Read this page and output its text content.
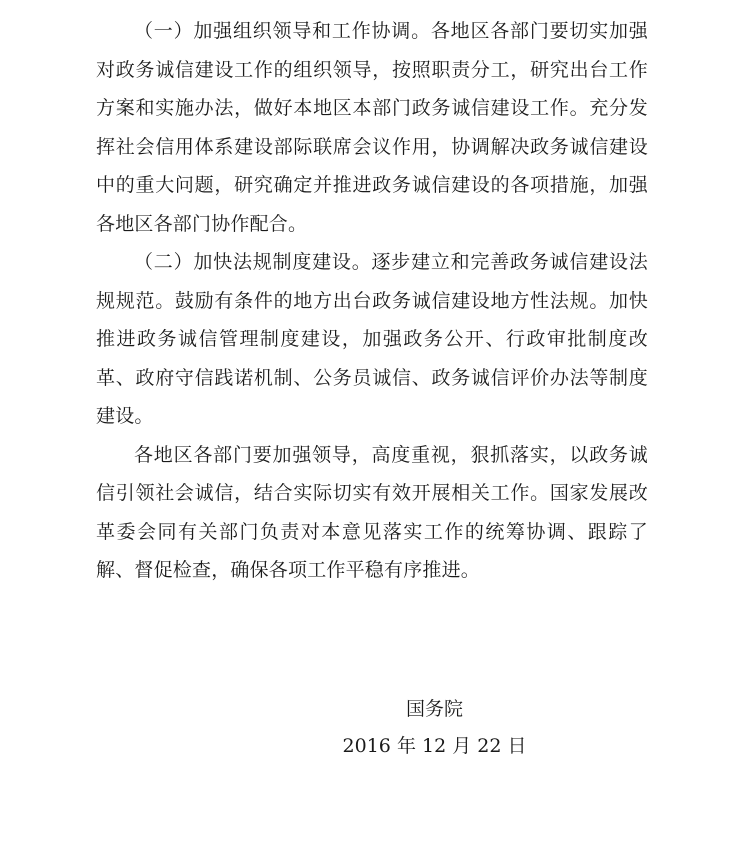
（一）加强组织领导和工作协调。各地区各部门要切实加强对政务诚信建设工作的组织领导，按照职责分工，研究出台工作方案和实施办法，做好本地区本部门政务诚信建设工作。充分发挥社会信用体系建设部际联席会议作用，协调解决政务诚信建设中的重大问题，研究确定并推进政务诚信建设的各项措施，加强各地区各部门协作配合。

（二）加快法规制度建设。逐步建立和完善政务诚信建设法规规范。鼓励有条件的地方出台政务诚信建设地方性法规。加快推进政务诚信管理制度建设，加强政务公开、行政审批制度改革、政府守信践诺机制、公务员诚信、政务诚信评价办法等制度建设。

各地区各部门要加强领导，高度重视，狠抓落实，以政务诚信引领社会诚信，结合实际切实有效开展相关工作。国家发展改革委会同有关部门负责对本意见落实工作的统筹协调、跟踪了解、督促检查，确保各项工作平稳有序推进。

国务院
2016 年 12 月 22 日
